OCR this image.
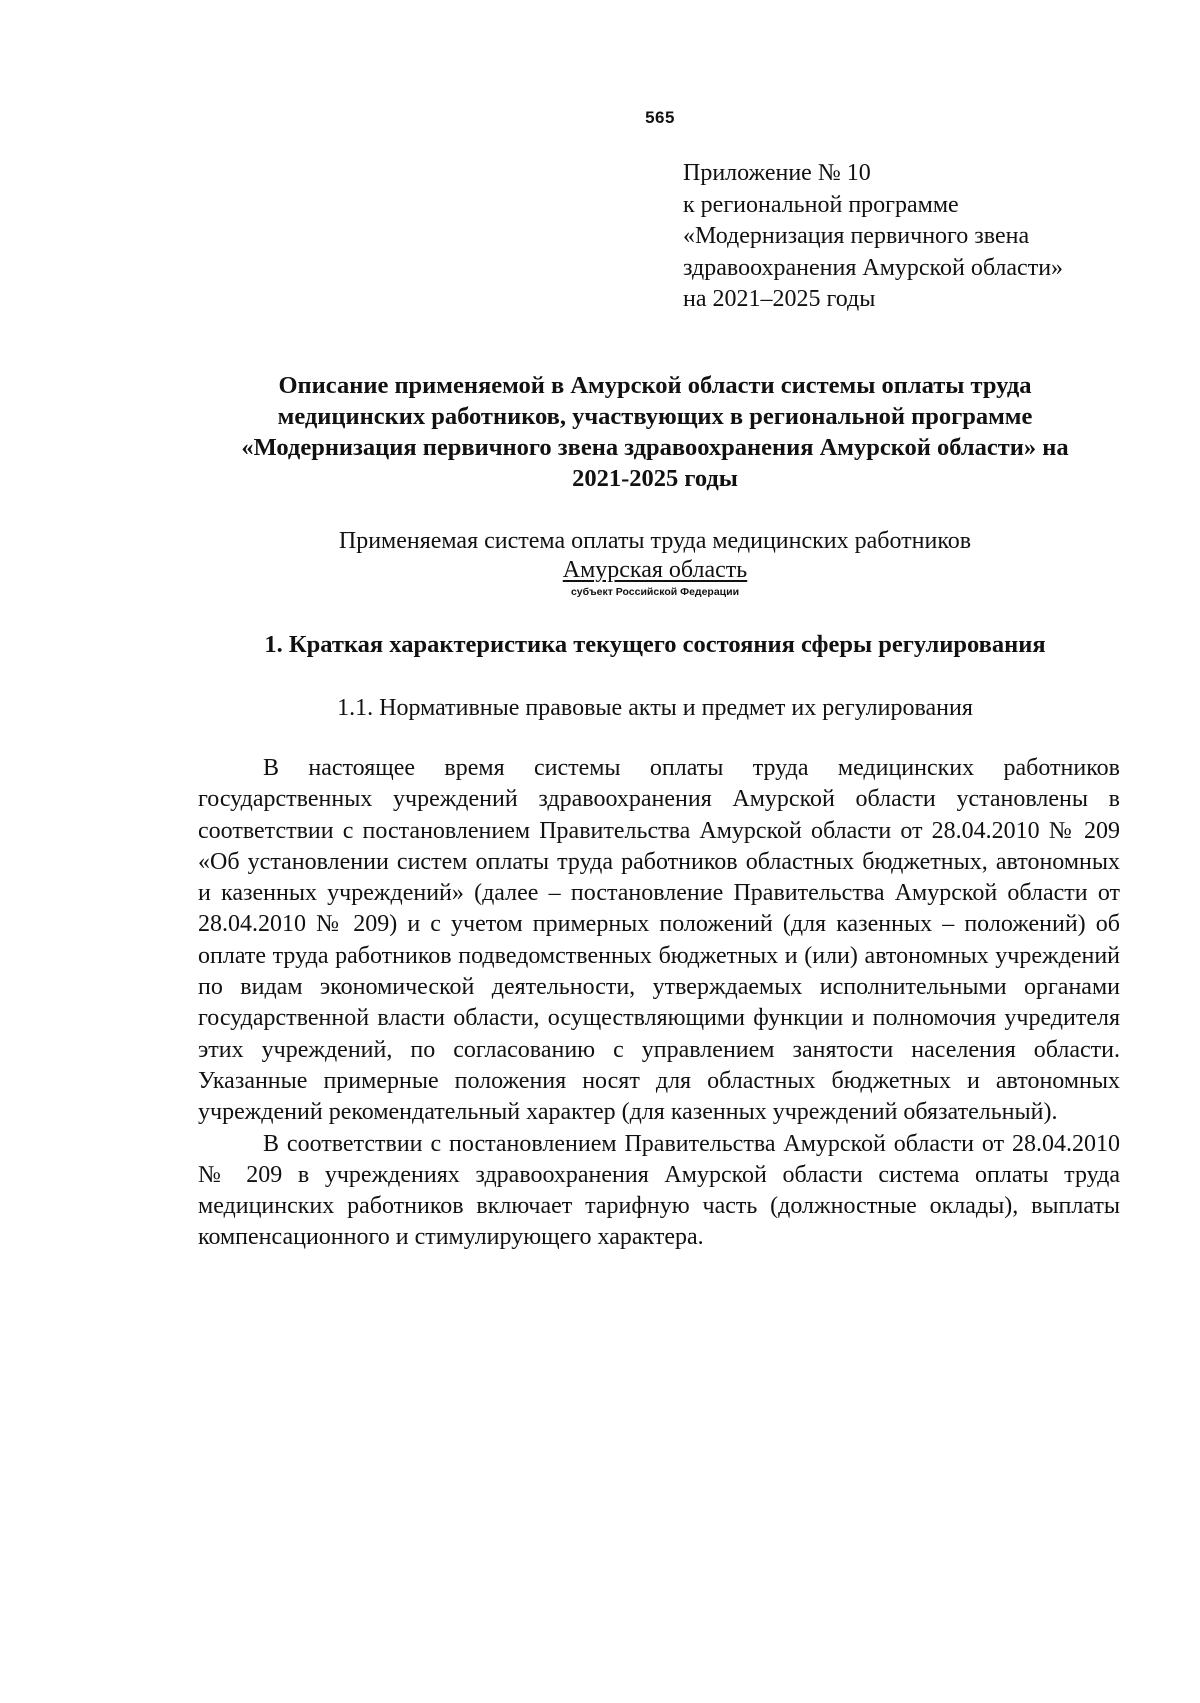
565
Приложение № 10
к региональной программе
«Модернизация первичного звена
здравоохранения Амурской области»
на 2021–2025 годы
Описание применяемой в Амурской области системы оплаты труда
медицинских работников, участвующих в региональной программе
«Модернизация первичного звена здравоохранения Амурской области» на
2021-2025 годы
Применяемая система оплаты труда медицинских работников
Амурская область
субъект Российской Федерации
1. Краткая характеристика текущего состояния сферы регулирования
1.1. Нормативные правовые акты и предмет их регулирования

В настоящее время системы оплаты труда медицинских работников государственных учреждений здравоохранения Амурской области установлены в соответствии с постановлением Правительства Амурской области от 28.04.2010 № 209 «Об установлении систем оплаты труда работников областных бюджетных, автономных и казенных учреждений» (далее – постановление Правительства Амурской области от 28.04.2010 № 209) и с учетом примерных положений (для казенных – положений) об оплате труда работников подведомственных бюджетных и (или) автономных учреждений по видам экономической деятельности, утверждаемых исполнительными органами государственной власти области, осуществляющими функции и полномочия учредителя этих учреждений, по согласованию с управлением занятости населения области. Указанные примерные положения носят для областных бюджетных и автономных учреждений рекомендательный характер (для казенных учреждений обязательный).

В соответствии с постановлением Правительства Амурской области от 28.04.2010 № 209 в учреждениях здравоохранения Амурской области система оплаты труда медицинских работников включает тарифную часть (должностные оклады), выплаты компенсационного и стимулирующего характера.
